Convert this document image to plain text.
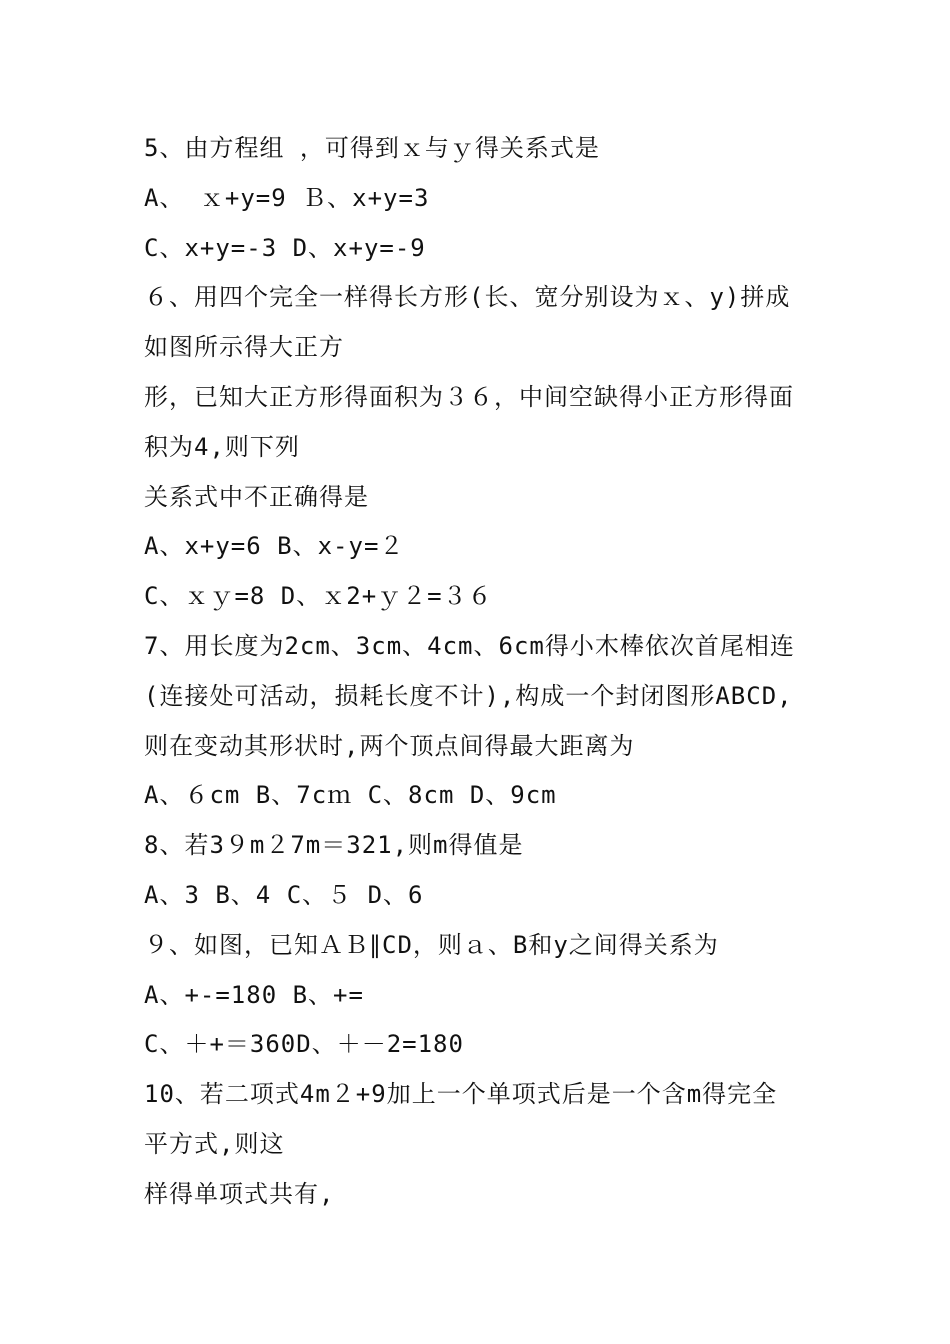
5、由方程组 ，可得到ｘ与ｙ得关系式是
A、 ｘ+y=9 Ｂ、x+y=3
C、x+y=-3 D、x+y=-9
６、用四个完全一样得长方形(长、宽分别设为ｘ、y)拼成
如图所示得大正方
形，已知大正方形得面积为３６，中间空缺得小正方形得面
积为4,则下列
关系式中不正确得是
A、x+y=6 B、x-y=２
C、ｘｙ=8 D、ｘ2+ｙ２=３６
7、用长度为2cm、3cm、4cm、6cm得小木棒依次首尾相连
(连接处可活动，损耗长度不计),构成一个封闭图形ABCD,
则在变动其形状时,两个顶点间得最大距离为
A、６cm B、7cｍ C、8cm D、9cm
8、若3９m２7m＝321,则m得值是
A、3 B、4 C、５ D、6
９、如图，已知ＡＢ∥CD，则ａ、B和y之间得关系为
A、+-=180 B、+=
C、＋+＝360D、＋－2=180
10、若二项式4m２+9加上一个单项式后是一个含m得完全
平方式,则这
样得单项式共有,
